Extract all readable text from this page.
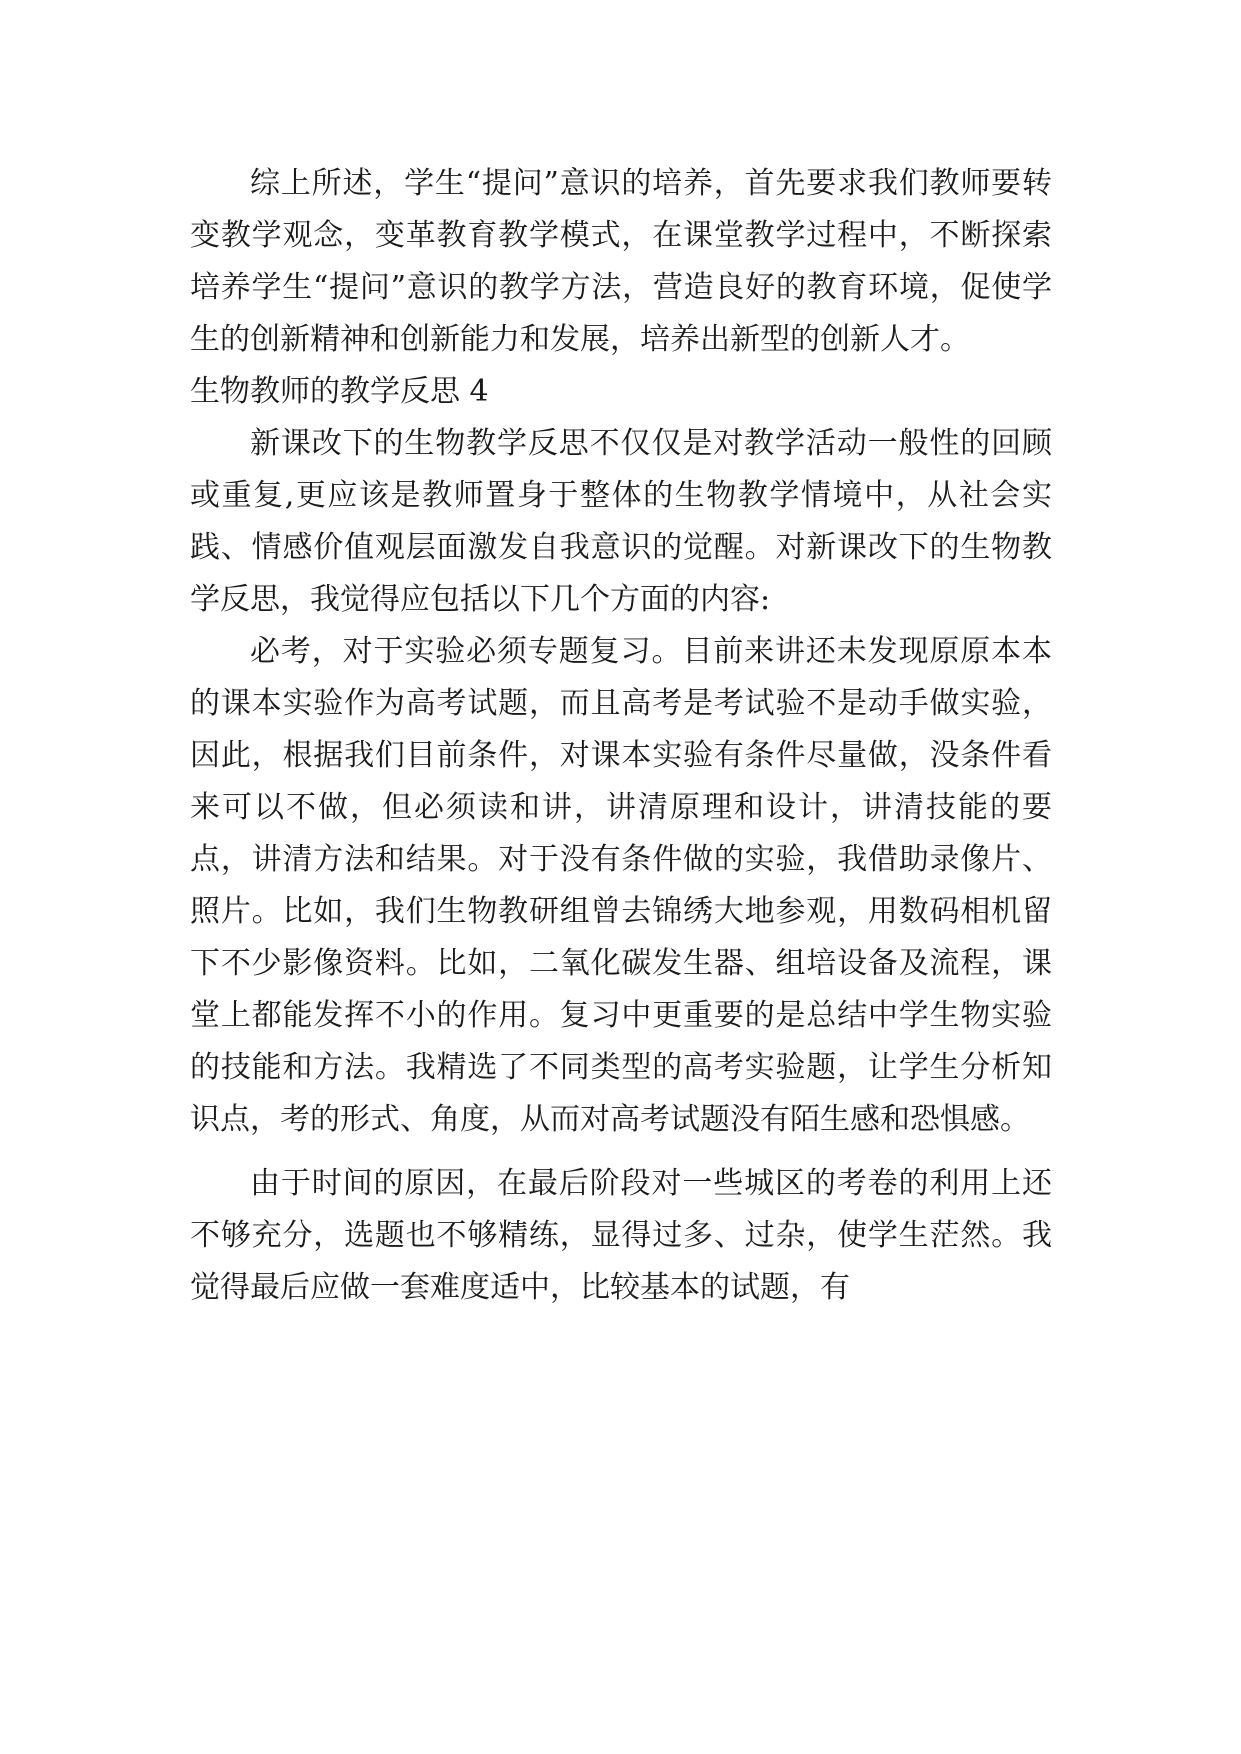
综上所述，学生“提问”意识的培养，首先要求我们教师要转变教学观念，变革教育教学模式，在课堂教学过程中，不断探索培养学生“提问”意识的教学方法，营造良好的教育环境，促使学生的创新精神和创新能力和发展，培养出新型的创新人才。

生物教师的教学反思 4

新课改下的生物教学反思不仅仅是对教学活动一般性的回顾或重复,更应该是教师置身于整体的生物教学情境中，从社会实践、情感价值观层面激发自我意识的觉醒。对新课改下的生物教学反思，我觉得应包括以下几个方面的内容:

必考，对于实验必须专题复习。目前来讲还未发现原原本本的课本实验作为高考试题，而且高考是考试验不是动手做实验，因此，根据我们目前条件，对课本实验有条件尽量做，没条件看来可以不做，但必须读和讲，讲清原理和设计，讲清技能的要点，讲清方法和结果。对于没有条件做的实验，我借助录像片、照片。比如，我们生物教研组曾去锦绣大地参观，用数码相机留下不少影像资料。比如，二氧化碳发生器、组培设备及流程，课堂上都能发挥不小的作用。复习中更重要的是总结中学生物实验的技能和方法。我精选了不同类型的高考实验题，让学生分析知识点，考的形式、角度，从而对高考试题没有陌生感和恐惧感。

由于时间的原因，在最后阶段对一些城区的考卷的利用上还不够充分，选题也不够精练，显得过多、过杂，使学生茫然。我觉得最后应做一套难度适中，比较基本的试题，有
